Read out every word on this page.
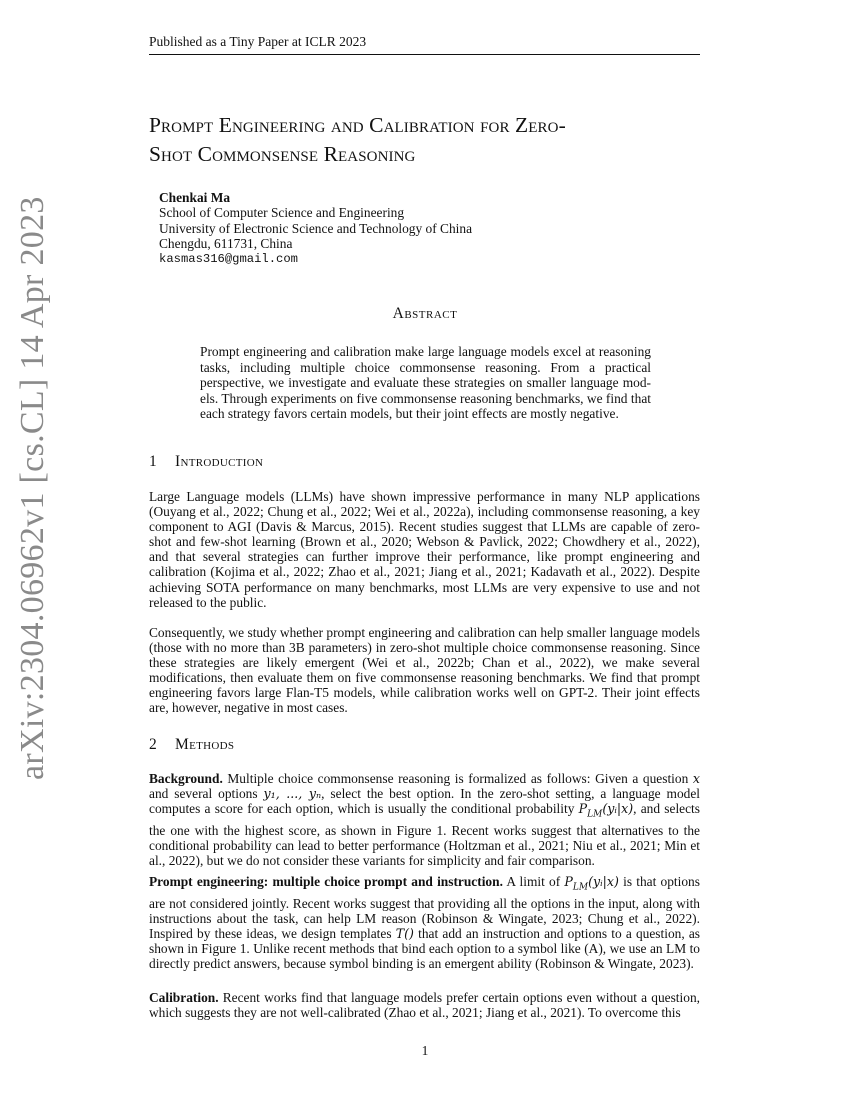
Published as a Tiny Paper at ICLR 2023
arXiv:2304.06962v1 [cs.CL] 14 Apr 2023
Prompt Engineering and Calibration for Zero-
Shot Commonsense Reasoning
Chenkai Ma
School of Computer Science and Engineering
University of Electronic Science and Technology of China
Chengdu, 611731, China
kasmas316@gmail.com
Abstract
Prompt engineering and calibration make large language models excel at reasoning tasks, including multiple choice commonsense reasoning. From a practical perspective, we investigate and evaluate these strategies on smaller language models. Through experiments on five commonsense reasoning benchmarks, we find that each strategy favors certain models, but their joint effects are mostly negative.
1 Introduction
Large Language models (LLMs) have shown impressive performance in many NLP applications (Ouyang et al., 2022; Chung et al., 2022; Wei et al., 2022a), including commonsense reasoning, a key component to AGI (Davis & Marcus, 2015). Recent studies suggest that LLMs are capable of zero-shot and few-shot learning (Brown et al., 2020; Webson & Pavlick, 2022; Chowdhery et al., 2022), and that several strategies can further improve their performance, like prompt engineering and calibration (Kojima et al., 2022; Zhao et al., 2021; Jiang et al., 2021; Kadavath et al., 2022). Despite achieving SOTA performance on many benchmarks, most LLMs are very expensive to use and not released to the public.
Consequently, we study whether prompt engineering and calibration can help smaller language models (those with no more than 3B parameters) in zero-shot multiple choice commonsense reasoning. Since these strategies are likely emergent (Wei et al., 2022b; Chan et al., 2022), we make several modifications, then evaluate them on five commonsense reasoning benchmarks. We find that prompt engineering favors large Flan-T5 models, while calibration works well on GPT-2. Their joint effects are, however, negative in most cases.
2 Methods
Background. Multiple choice commonsense reasoning is formalized as follows: Given a question x and several options y₁, ..., yₙ, select the best option. In the zero-shot setting, a language model computes a score for each option, which is usually the conditional probability $P_{LM}(yᵢ|x)$, and selects the one with the highest score, as shown in Figure 1. Recent works suggest that alternatives to the conditional probability can lead to better performance (Holtzman et al., 2021; Niu et al., 2021; Min et al., 2022), but we do not consider these variants for simplicity and fair comparison.
Prompt engineering: multiple choice prompt and instruction. A limit of $P_{LM}(yᵢ|x)$ is that options are not considered jointly. Recent works suggest that providing all the options in the input, along with instructions about the task, can help LM reason (Robinson & Wingate, 2023; Chung et al., 2022). Inspired by these ideas, we design templates T() that add an instruction and options to a question, as shown in Figure 1. Unlike recent methods that bind each option to a symbol like (A), we use an LM to directly predict answers, because symbol binding is an emergent ability (Robinson & Wingate, 2023).
Calibration. Recent works find that language models prefer certain options even without a question, which suggests they are not well-calibrated (Zhao et al., 2021; Jiang et al., 2021). To overcome this
1
